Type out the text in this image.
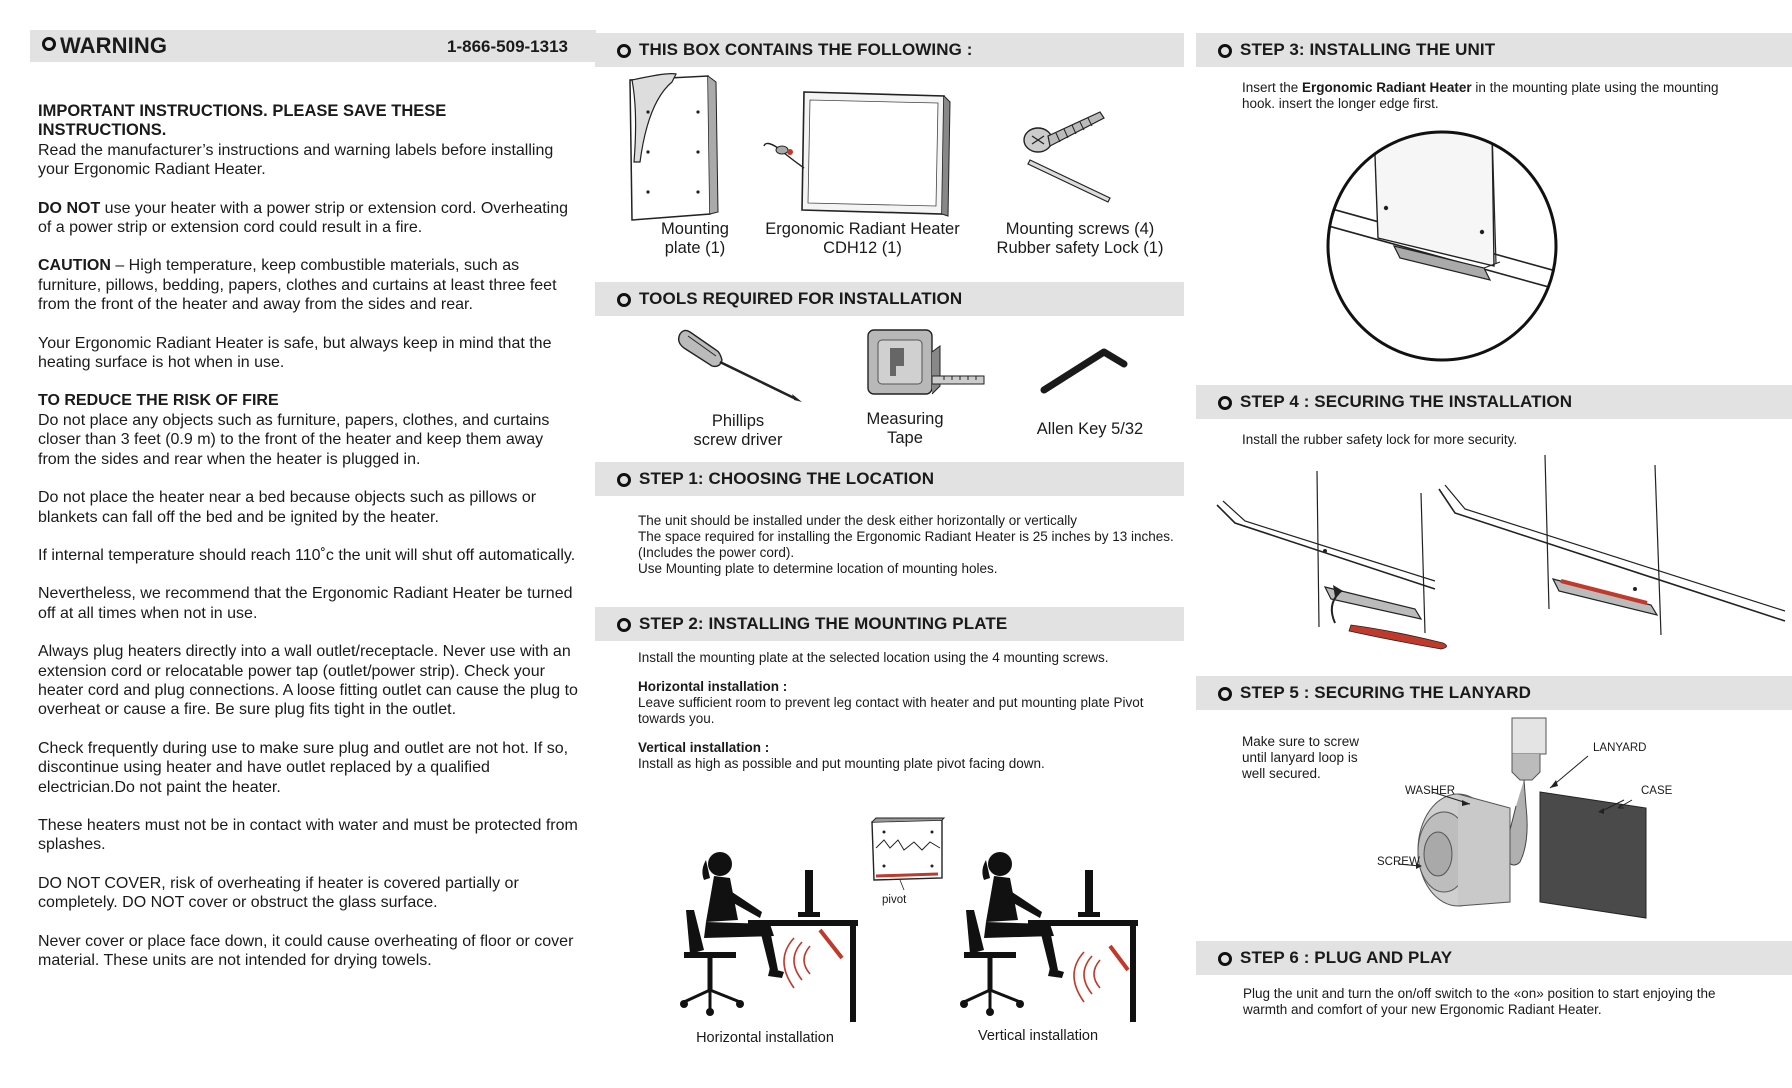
WARNING	1-866-509-1313

IMPORTANT INSTRUCTIONS. PLEASE SAVE THESE INSTRUCTIONS.

Read the manufacturer’s instructions and warning labels before installing your Ergonomic Radiant Heater.

DO NOT use your heater with a power strip or extension cord. Overheating of a power strip or extension cord could result in a fire.

CAUTION – High temperature, keep combustible materials, such as furniture, pillows, bedding, papers, clothes and curtains at least three feet from the front of the heater and away from the sides and rear.

Your Ergonomic Radiant Heater is safe, but always keep in mind that the heating surface is hot when in use.

TO REDUCE THE RISK OF FIRE

Do not place any objects such as furniture, papers, clothes, and curtains closer than 3 feet (0.9 m) to the front of the heater and keep them away from the sides and rear when the heater is plugged in.

Do not place the heater near a bed because objects such as pillows or blankets can fall off the bed and be ignited by the heater.

If internal temperature should reach 110˚c the unit will shut off automatically.

Nevertheless, we recommend that the Ergonomic Radiant Heater be turned off at all times when not in use.

Always plug heaters directly into a wall outlet/receptacle. Never use with an extension cord or relocatable power tap (outlet/power strip). Check your heater cord and plug connections. A loose fitting outlet can cause the plug to overheat or cause a fire. Be sure plug fits tight in the outlet.

Check frequently during use to make sure plug and outlet are not hot. If so, discontinue using heater and have outlet replaced by a qualified electrician.Do not paint the heater.

These heaters must not be in contact with water and must be protected from splashes.

DO NOT COVER, risk of overheating if heater is covered partially or completely. DO NOT cover or obstruct the glass surface.

Never cover or place face down, it could cause overheating of floor or cover material. These units are not intended for drying towels.

THIS BOX CONTAINS THE FOLLOWING :
Mounting
plate (1)
Ergonomic Radiant Heater
CDH12 (1)
Mounting screws (4)
Rubber safety Lock (1)
TOOLS REQUIRED FOR INSTALLATION
Phillips
screw driver
Measuring
Tape	Allen Key 5/32
STEP 1: CHOOSING THE LOCATION
The unit should be installed under the desk either horizontally or vertically
The space required for installing the Ergonomic Radiant Heater is 25 inches by 13 inches. (Includes the power cord).
Use Mounting plate to determine location of mounting holes.
STEP 2: INSTALLING THE MOUNTING PLATE

Install the mounting plate at the selected location using the 4 mounting screws.

Horizontal installation :

Leave sufficient room to prevent leg contact with heater and put mounting plate Pivot towards you.

Vertical installation :
Install as high as possible and put mounting plate pivot facing down.
Horizontal installation
pivot
Vertical installation
STEP 3: INSTALLING THE UNIT
Insert the Ergonomic Radiant Heater in the mounting plate using the mounting hook. insert the longer edge first.
STEP 4 : SECURING THE INSTALLATION
Install the rubber safety lock for more security.
STEP 5 : SECURING THE LANYARD
Make sure to screw until lanyard loop is well secured.
LANYARD
WASHER	CASE
SCREW
STEP 6 : PLUG AND PLAY
Plug the unit and turn the on/off switch to the «on» position to start enjoying the warmth and comfort of your new Ergonomic Radiant Heater.
